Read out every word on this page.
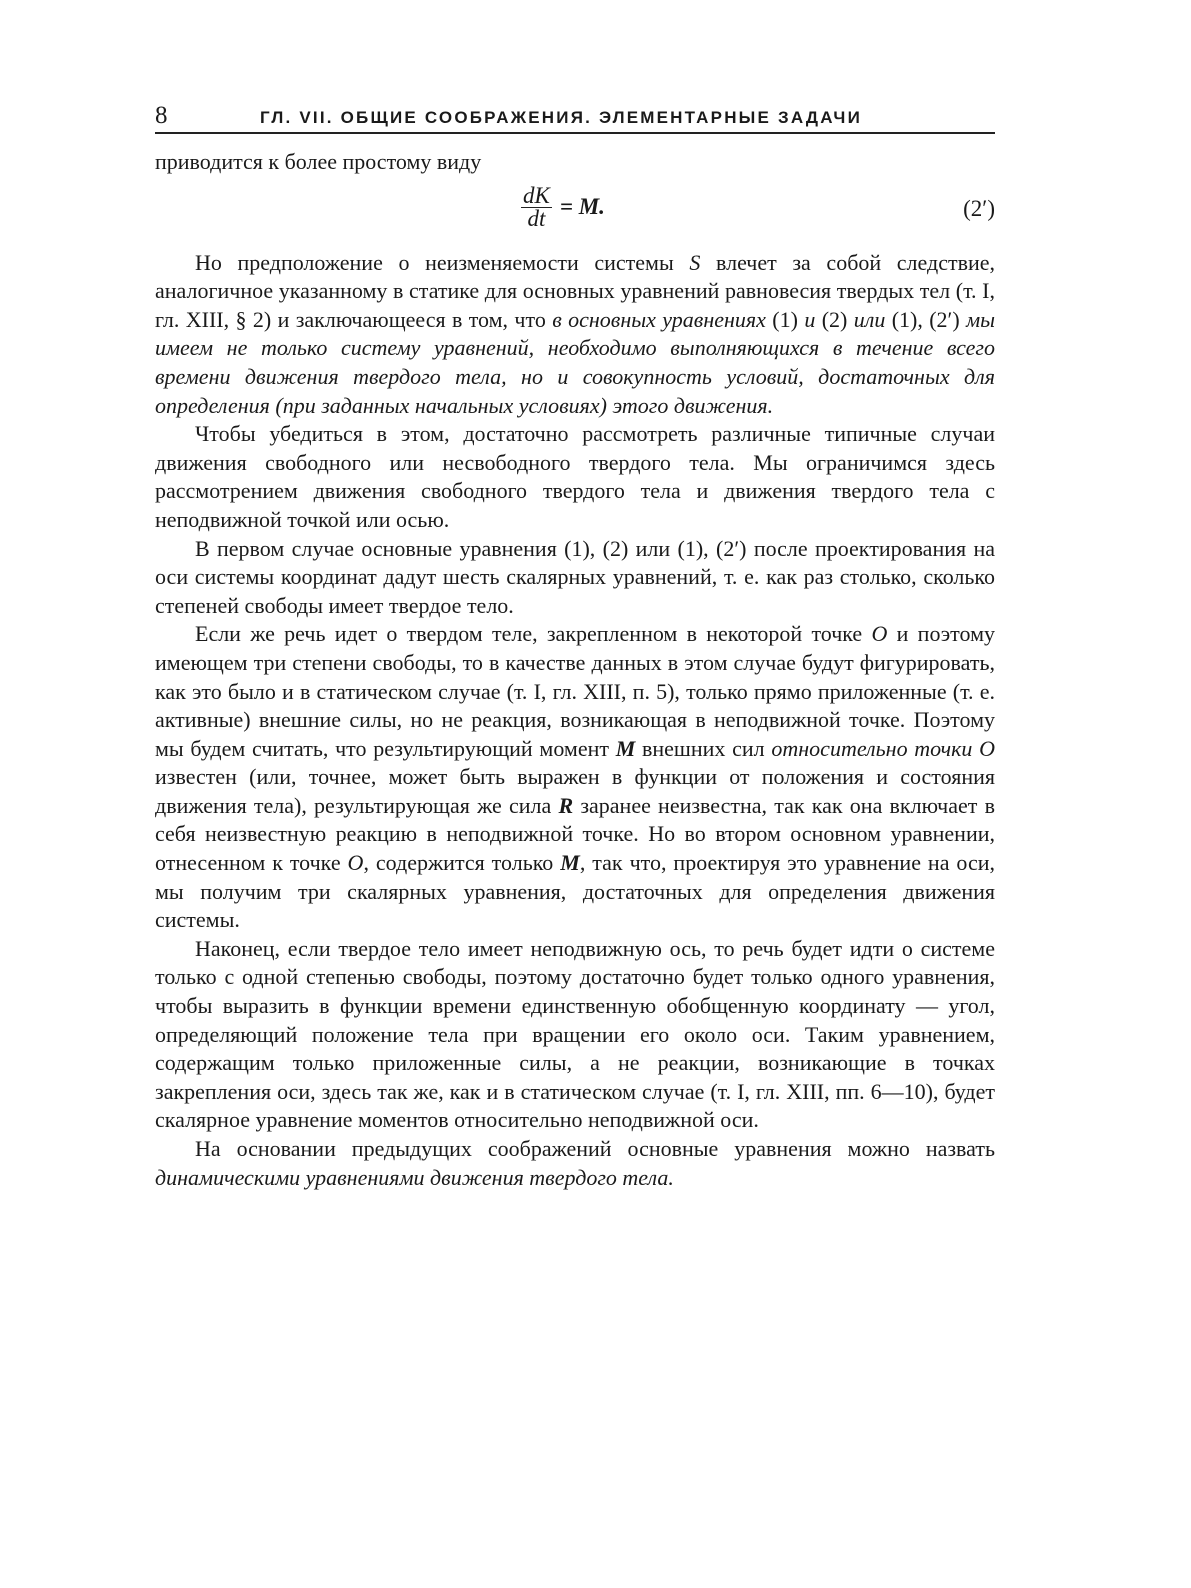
8	ГЛ. VII. ОБЩИЕ СООБРАЖЕНИЯ. ЭЛЕМЕНТАРНЫЕ ЗАДАЧИ

приводится к более простому виду

$\frac{dK}{dt} = M$.	(2′)

Но предположение о неизменяемости системы S влечет за собой следствие, аналогичное указанному в статике для основных уравнений равновесия твердых тел (т. I, гл. XIII, § 2) и заключающееся в том, что в основных уравнениях (1) и (2) или (1), (2′) мы имеем не только систему уравнений, необходимо выполняющихся в течение всего времени движения твердого тела, но и совокупность условий, достаточных для определения (при заданных начальных условиях) этого движения.

Чтобы убедиться в этом, достаточно рассмотреть различные типичные случаи движения свободного или несвободного твердого тела. Мы ограничимся здесь рассмотрением движения свободного твердого тела и движения твердого тела с неподвижной точкой или осью.

В первом случае основные уравнения (1), (2) или (1), (2′) после проектирования на оси системы координат дадут шесть скалярных уравнений, т. е. как раз столько, сколько степеней свободы имеет твердое тело.

Если же речь идет о твердом теле, закрепленном в некоторой точке O и поэтому имеющем три степени свободы, то в качестве данных в этом случае будут фигурировать, как это было и в статическом случае (т. I, гл. XIII, п. 5), только прямо приложенные (т. е. активные) внешние силы, но не реакция, возникающая в неподвижной точке. Поэтому мы будем считать, что результирующий момент M внешних сил относительно точки O известен (или, точнее, может быть выражен в функции от положения и состояния движения тела), результирующая же сила R заранее неизвестна, так как она включает в себя неизвестную реакцию в неподвижной точке. Но во втором основном уравнении, отнесенном к точке O, содержится только M, так что, проектируя это уравнение на оси, мы получим три скалярных уравнения, достаточных для определения движения системы.

Наконец, если твердое тело имеет неподвижную ось, то речь будет идти о системе только с одной степенью свободы, поэтому достаточно будет только одного уравнения, чтобы выразить в функции времени единственную обобщенную координату — угол, определяющий положение тела при вращении его около оси. Таким уравнением, содержащим только приложенные силы, а не реакции, возникающие в точках закрепления оси, здесь так же, как и в статическом случае (т. I, гл. XIII, пп. 6—10), будет скалярное уравнение моментов относительно неподвижной оси.

На основании предыдущих соображений основные уравнения можно назвать динамическими уравнениями движения твердого тела.
